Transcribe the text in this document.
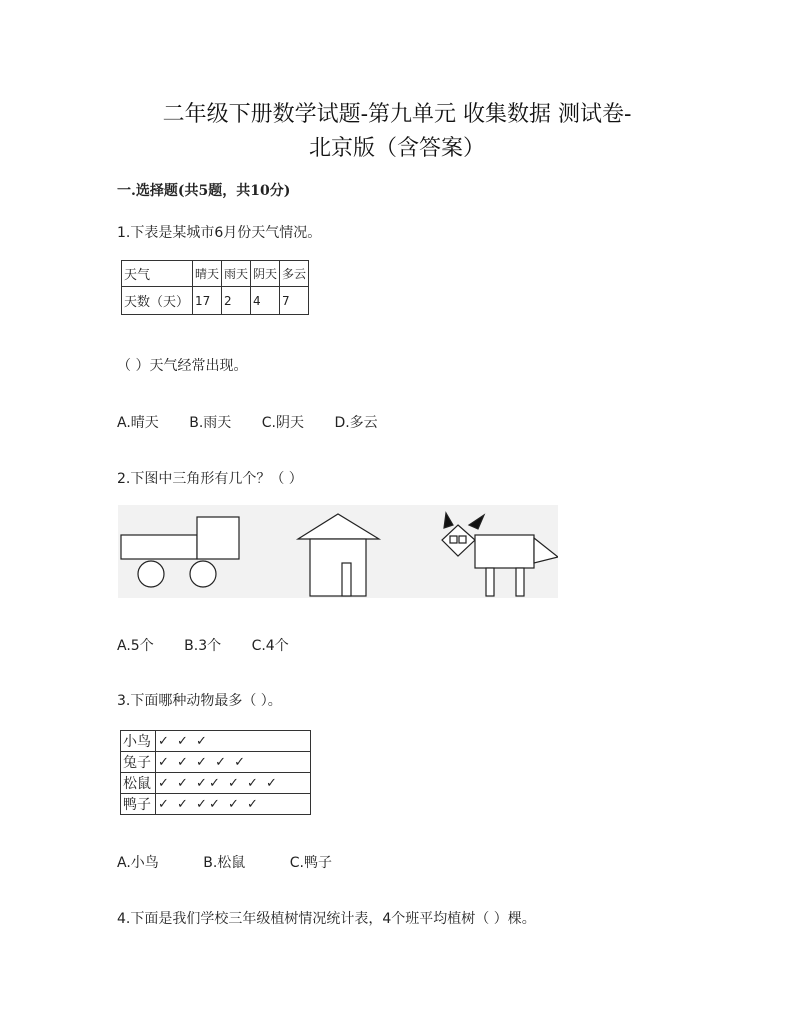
二年级下册数学试题-第九单元 收集数据 测试卷-
北京版（含答案）
一.选择题(共5题，共10分)
1.下表是某城市6月份天气情况。
天气	晴天	雨天	阴天	多云
天数（天）	17	2	4	7
（ ）天气经常出现。
A.晴天 B.雨天 C.阴天 D.多云
2.下图中三角形有几个？（ ）
A.5个 B.3个 C.4个
3.下面哪种动物最多（ ）。
小鸟	✓ ✓ ✓
兔子	✓ ✓ ✓ ✓ ✓
松鼠	✓ ✓ ✓✓ ✓ ✓ ✓
鸭子	✓ ✓ ✓✓ ✓ ✓
A.小鸟	B.松鼠	C.鸭子
4.下面是我们学校三年级植树情况统计表，4个班平均植树（ ）棵。
